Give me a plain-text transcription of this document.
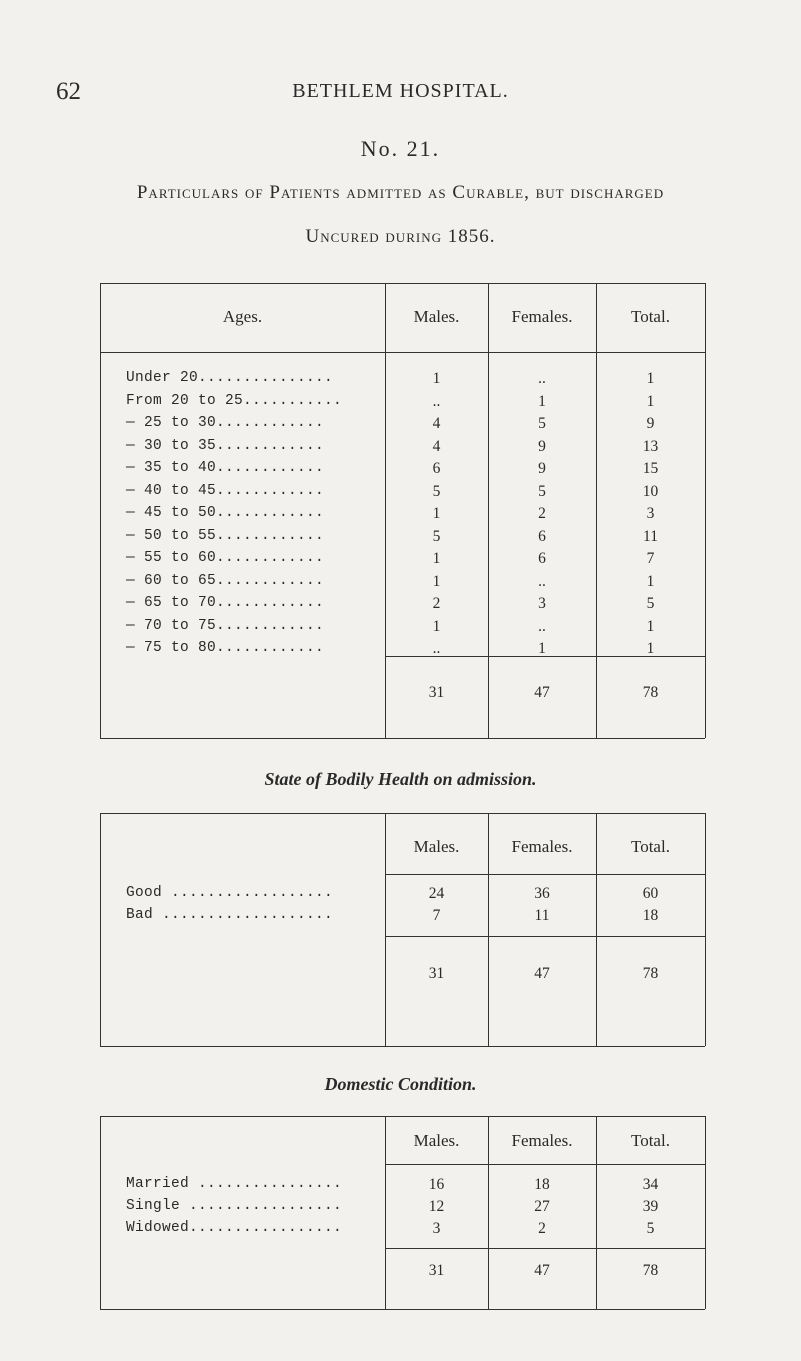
62	BETHLEM HOSPITAL.
No. 21.
Particulars of Patients admitted as Curable, but discharged
Uncured during 1856.
Ages.	Males.	Females.	Total.
Under 20...............	1	..	1
From 20 to 25...........	..	1	1
— 25 to 30............	4	5	9
— 30 to 35............	4	9	13
— 35 to 40............	6	9	15
— 40 to 45............	5	5	10
— 45 to 50............	1	2	3
— 50 to 55............	5	6	11
— 55 to 60............	1	6	7
— 60 to 65............	1	..	1
— 65 to 70............	2	3	5
— 70 to 75............	1	..	1
— 75 to 80............	..	1	1
31	47	78
State of Bodily Health on admission.
Males.	Females.	Total.
Good ..................	24	36	60
Bad ...................	7	11	18
31	47	78
Domestic Condition.
Males.	Females.	Total.
Married ................	16	18	34
Single .................	12	27	39
Widowed.................	3	2	5
31	47	78
